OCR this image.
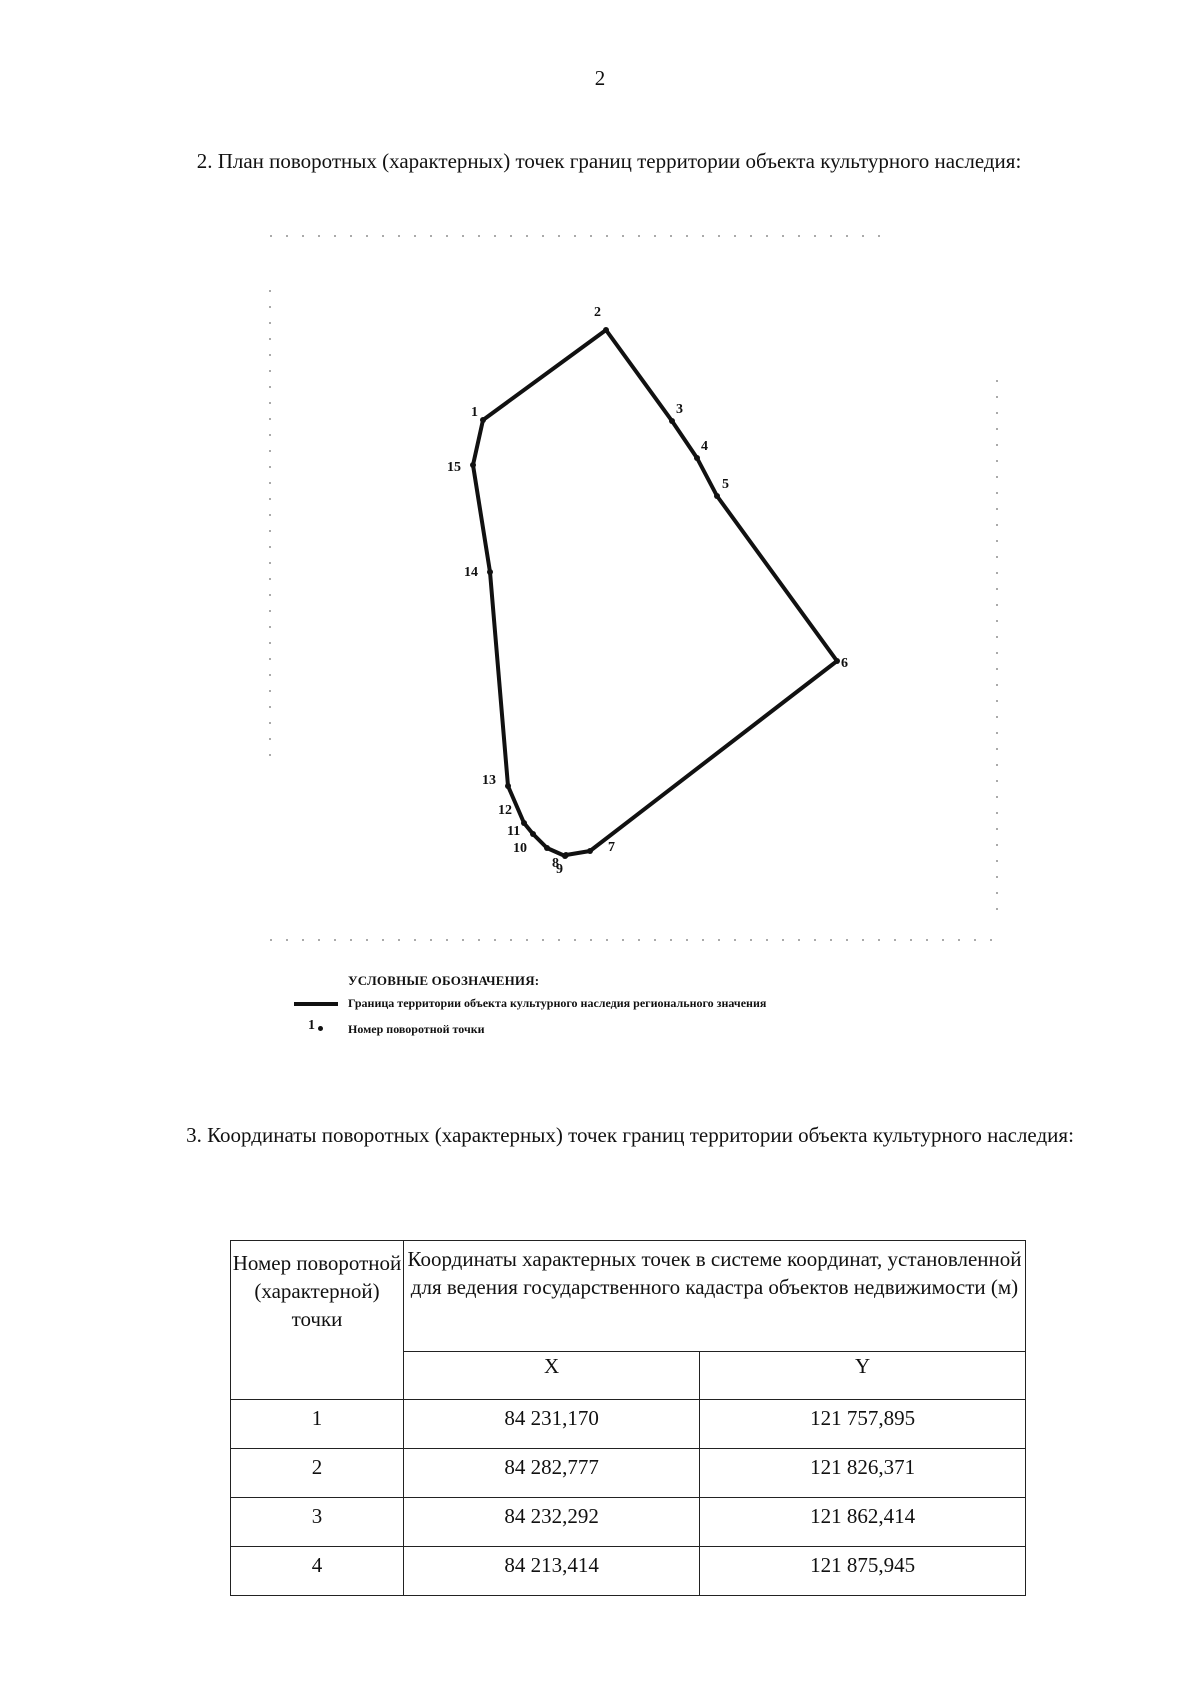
2
2. План поворотных (характерных) точек границ территории объекта культурного наследия:
1
2
3
4
5
6
7
8
9
10
11
12
13
14
15
УСЛОВНЫЕ ОБОЗНАЧЕНИЯ:
Граница территории объекта культурного наследия регионального значения
1	Номер поворотной точки
3. Координаты поворотных (характерных) точек границ территории объекта культурного наследия:
Номер поворотной (характерной) точки	Координаты характерных точек в системе координат, установленной для ведения государственного кадастра объектов недвижимости (м)	
	X	Y
1	84 231,170	121 757,895
2	84 282,777	121 826,371
3	84 232,292	121 862,414
4	84 213,414	121 875,945
